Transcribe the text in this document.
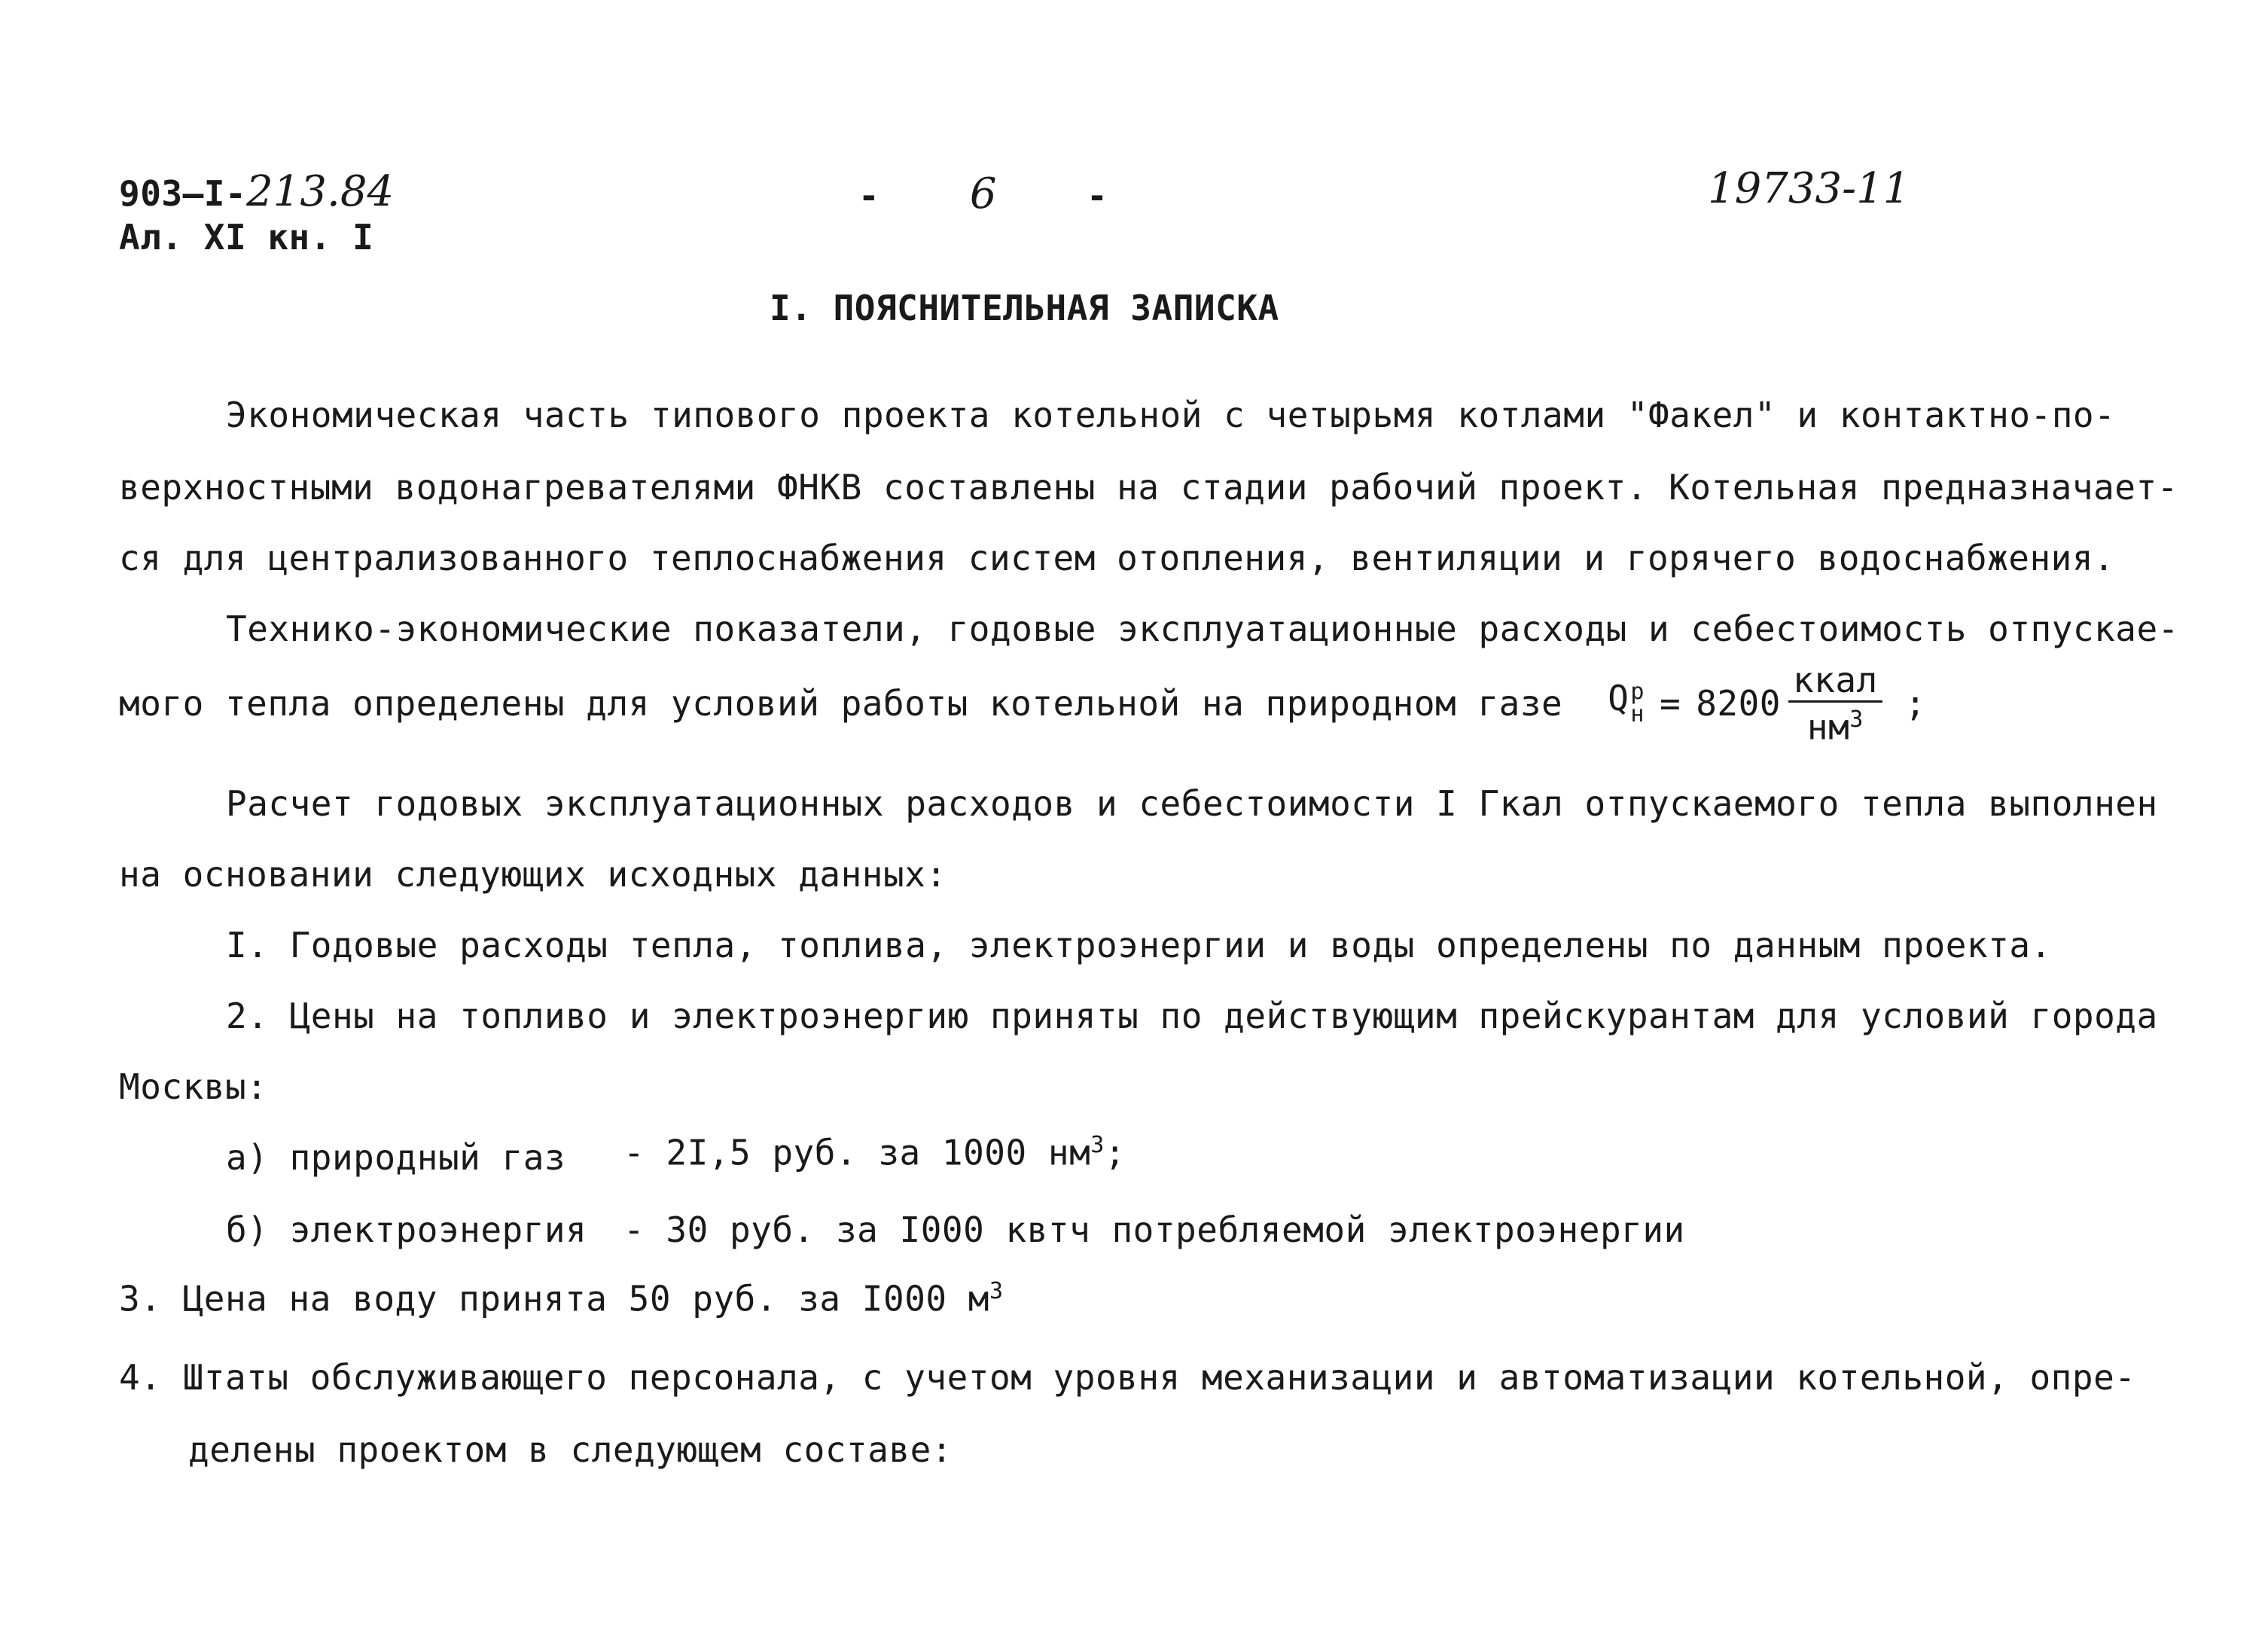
903—I-213.84
Ал. XI кн. I
- 6	-	19733-11
I. ПОЯСНИТЕЛЬНАЯ ЗАПИСКА
Экономическая часть типового проекта котельной с четырьмя котлами "Факел" и контактно-по-
верхностными водонагревателями ФНКВ составлены на стадии рабочий проект. Котельная предназначает-
ся для централизованного теплоснабжения систем отопления, вентиляции и горячего водоснабжения.
Технико-экономические показатели, годовые эксплуатационные расходы и себестоимость отпускае-
мого тепла определены для условий работы котельной на природном газе Q р
$н = 8200 \frac{\text{ккал}}{нм^3}$ ;
Расчет годовых эксплуатационных расходов и себестоимости I Гкал отпускаемого тепла выполнен
на основании следующих исходных данных:
I. Годовые расходы тепла, топлива, электроэнергии и воды определены по данным проекта.
2. Цены на топливо и электроэнергию приняты по действующим прейскурантам для условий города
Москвы:
а) природный газ - 2I,5 руб. за 1000 $нм^3$;
б) электроэнергия - 30 руб. за I000 квтч потребляемой электроэнергии
3. Цена на воду принята 50 руб. за I000 $м^3$
4. Штаты обслуживающего персонала, с учетом уровня механизации и автоматизации котельной, опре-
делены проектом в следующем составе:
